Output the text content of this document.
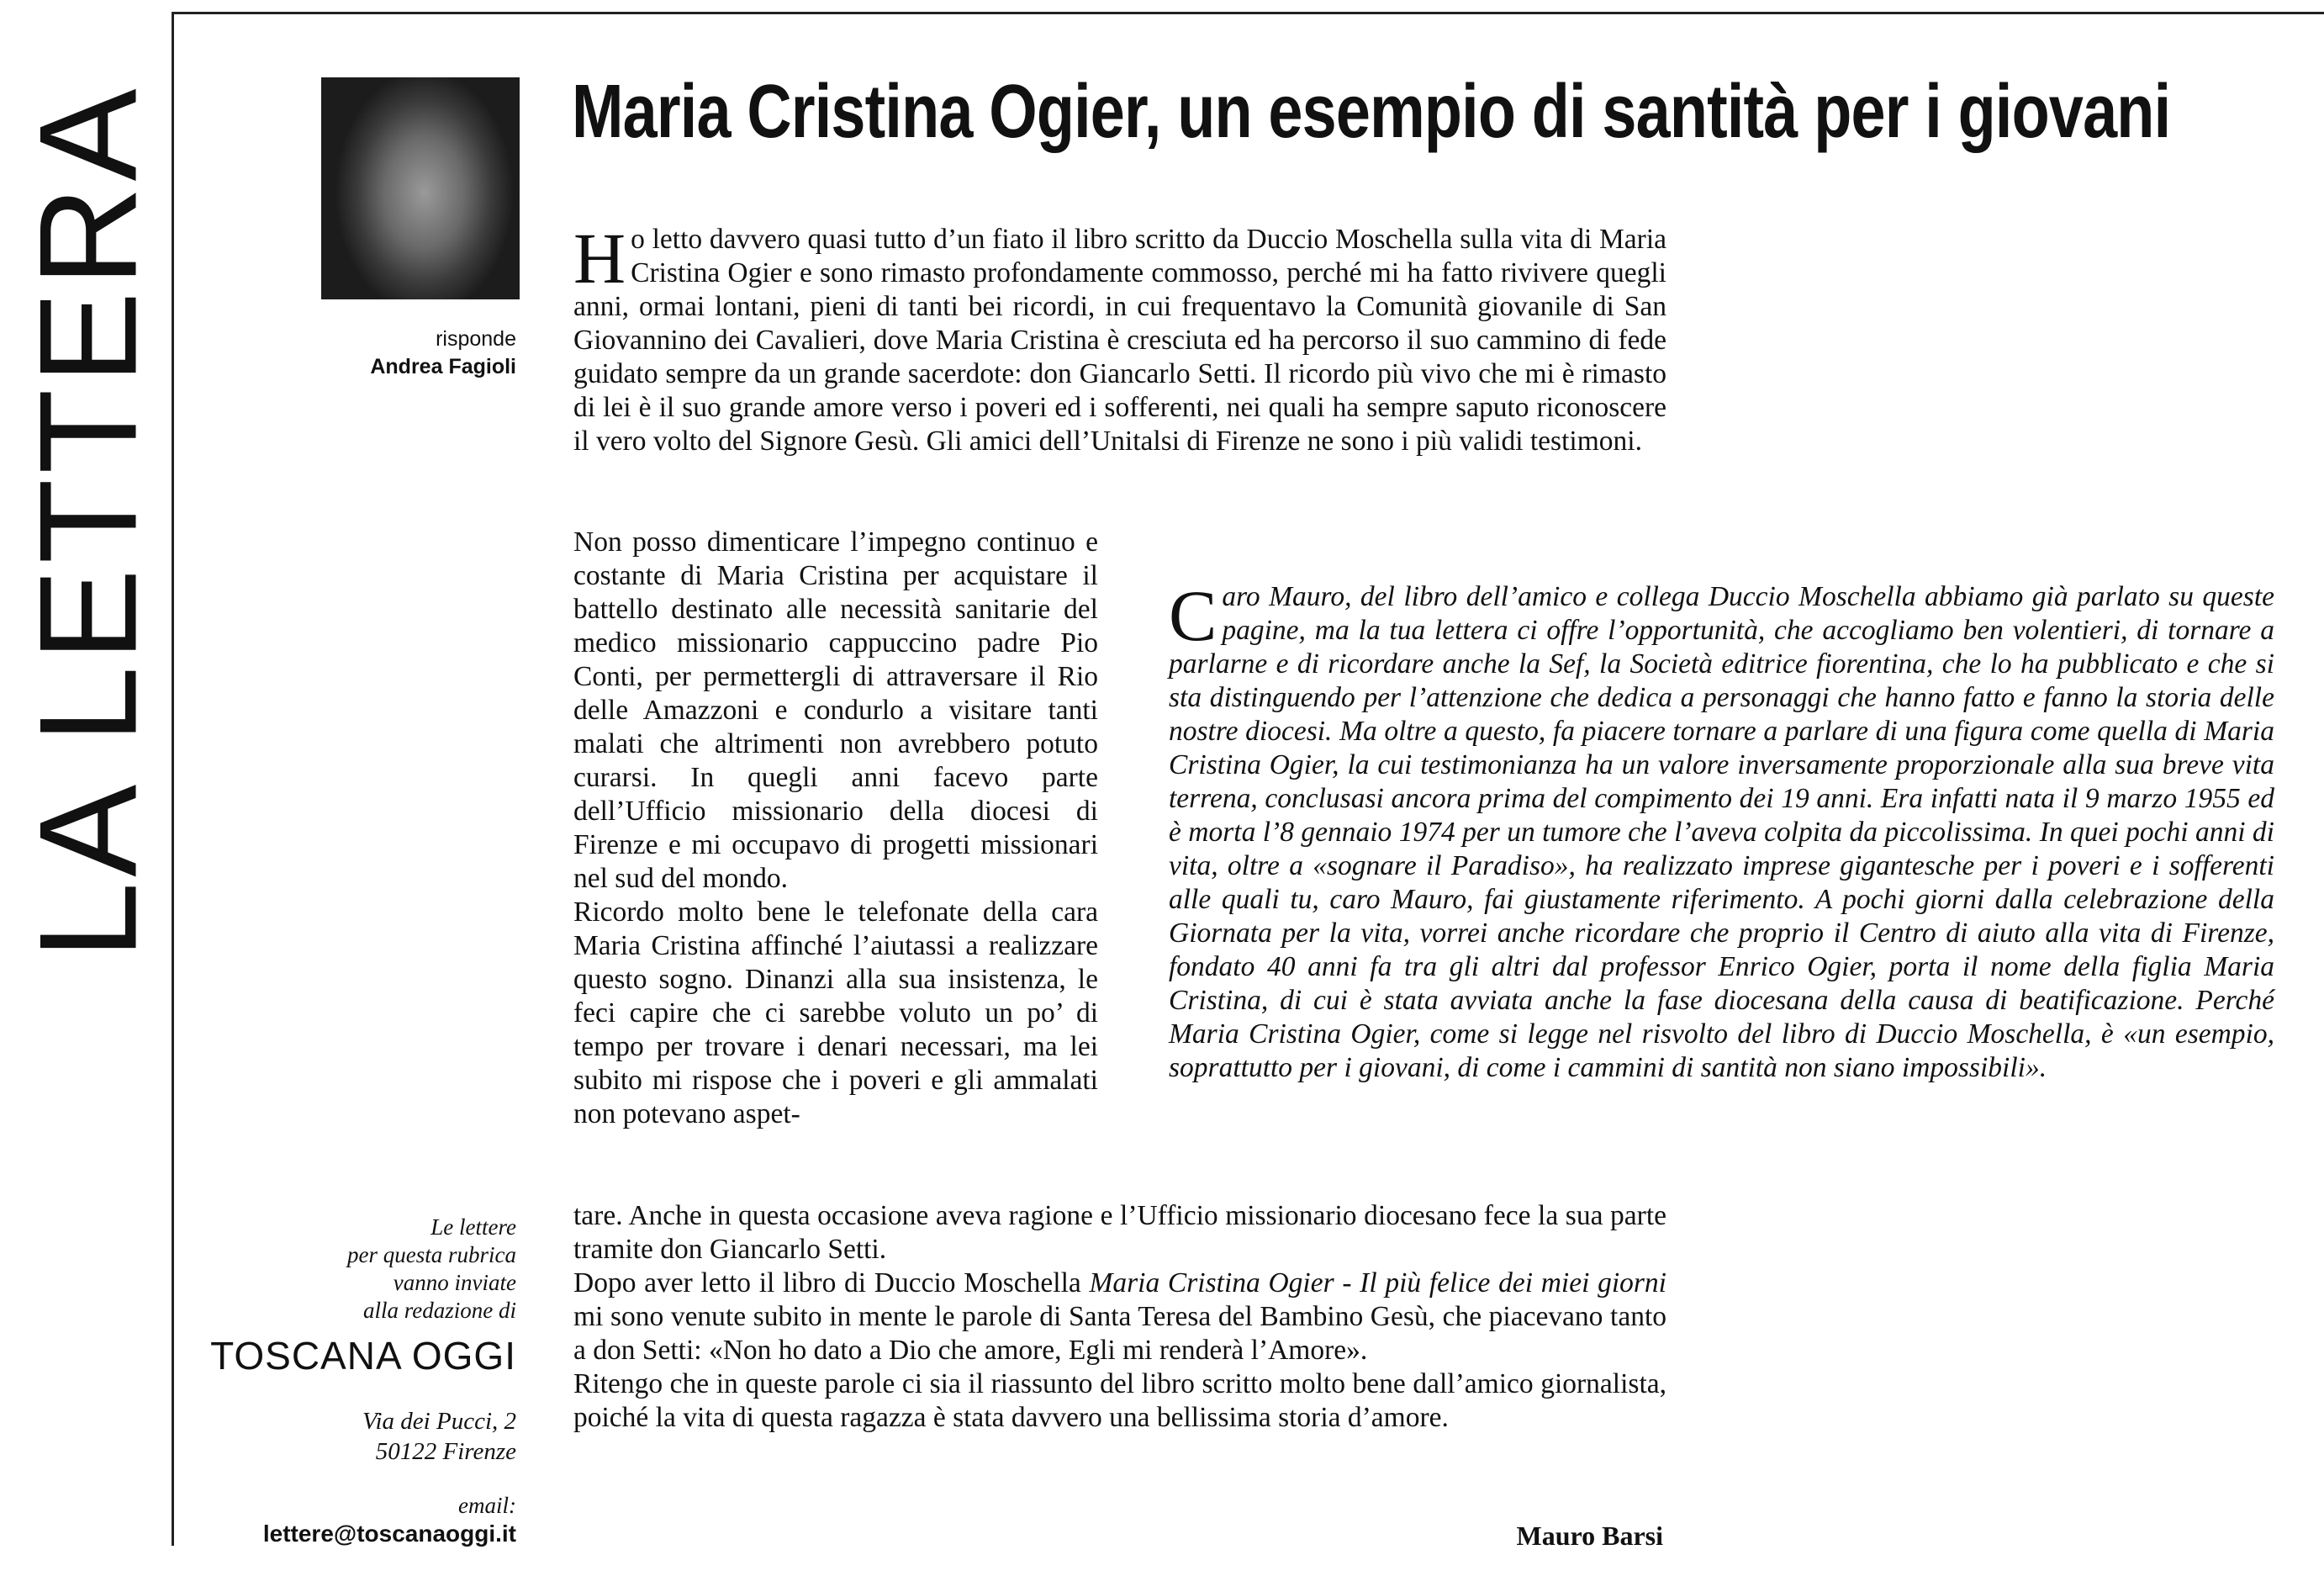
LA LETTERA	risponde
Andrea Fagioli
Maria Cristina Ogier, un esempio di santità per i giovani
Ho letto davvero quasi tutto d’un fiato il libro scritto da Duccio Moschella sulla vita di Maria Cristina Ogier e sono rimasto profondamente commosso, perché mi ha fatto rivivere quegli anni, ormai lontani, pieni di tanti bei ricordi, in cui frequentavo la Comunità giovanile di San Giovannino dei Cavalieri, dove Maria Cristina è cresciuta ed ha percorso il suo cammino di fede guidato sempre da un grande sacerdote: don Giancarlo Setti. Il ricordo più vivo che mi è rimasto di lei è il suo grande amore verso i poveri ed i sofferenti, nei quali ha sempre saputo riconoscere il vero volto del Signore Gesù. Gli amici dell’Unitalsi di Firenze ne sono i più validi testimoni.

Non posso dimenticare l’impegno continuo e costante di Maria Cristina per acquistare il battello destinato alle necessità sanitarie del medico missionario cappuccino padre Pio Conti, per permettergli di attraversare il Rio delle Amazzoni e condurlo a visitare tanti malati che altrimenti non avrebbero potuto curarsi. In quegli anni facevo parte dell’Ufficio missionario della diocesi di Firenze e mi occupavo di progetti missionari nel sud del mondo.

Ricordo molto bene le telefonate della cara Maria Cristina affinché l’aiutassi a realizzare questo sogno. Dinanzi alla sua insistenza, le feci capire che ci sarebbe voluto un po’ di tempo per trovare i denari necessari, ma lei subito mi rispose che i poveri e gli ammalati non potevano aspet-

Caro Mauro, del libro dell’amico e collega Duccio Moschella abbiamo già parlato su queste pagine, ma la tua lettera ci offre l’opportunità, che accogliamo ben volentieri, di tornare a parlarne e di ricordare anche la Sef, la Società editrice fiorentina, che lo ha pubblicato e che si sta distinguendo per l’attenzione che dedica a personaggi che hanno fatto e fanno la storia delle nostre diocesi. Ma oltre a questo, fa piacere tornare a parlare di una figura come quella di Maria Cristina Ogier, la cui testimonianza ha un valore inversamente proporzionale alla sua breve vita terrena, conclusasi ancora prima del compimento dei 19 anni. Era infatti nata il 9 marzo 1955 ed è morta l’8 gennaio 1974 per un tumore che l’aveva colpita da piccolissima. In quei pochi anni di vita, oltre a «sognare il Paradiso», ha realizzato imprese gigantesche per i poveri e i sofferenti alle quali tu, caro Mauro, fai giustamente riferimento. A pochi giorni dalla celebrazione della Giornata per la vita, vorrei anche ricordare che proprio il Centro di aiuto alla vita di Firenze, fondato 40 anni fa tra gli altri dal professor Enrico Ogier, porta il nome della figlia Maria Cristina, di cui è stata avviata anche la fase diocesana della causa di beatificazione. Perché Maria Cristina Ogier, come si legge nel risvolto del libro di Duccio Moschella, è «un esempio, soprattutto per i giovani, di come i cammini di santità non siano impossibili».

tare. Anche in questa occasione aveva ragione e l’Ufficio missionario diocesano fece la sua parte tramite don Giancarlo Setti.

Dopo aver letto il libro di Duccio Moschella Maria Cristina Ogier - Il più felice dei miei giorni mi sono venute subito in mente le parole di Santa Teresa del Bambino Gesù, che piacevano tanto a don Setti: «Non ho dato a Dio che amore, Egli mi renderà l’Amore».

Ritengo che in queste parole ci sia il riassunto del libro scritto molto bene dall’amico giornalista, poiché la vita di questa ragazza è stata davvero una bellissima storia d’amore.

Mauro Barsi
Le lettere
per questa rubrica
vanno inviate
alla redazione di
TOSCANA OGGI
Via dei Pucci, 2
50122 Firenze
email:
lettere@toscanaoggi.it
